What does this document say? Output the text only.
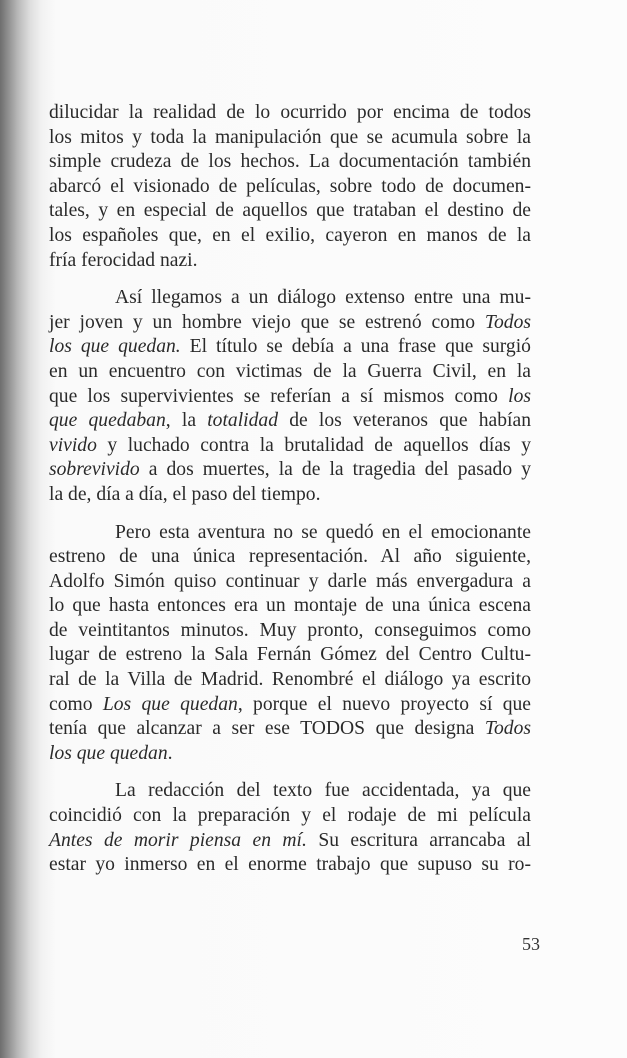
dilucidar la realidad de lo ocurrido por encima de todos
los mitos y toda la manipulación que se acumula sobre la
simple crudeza de los hechos. La documentación también
abarcó el visionado de películas, sobre todo de documen-
tales, y en especial de aquellos que trataban el destino de
los españoles que, en el exilio, cayeron en manos de la
fría ferocidad nazi.

Así llegamos a un diálogo extenso entre una mu-
jer joven y un hombre viejo que se estrenó como Todos
los que quedan. El título se debía a una frase que surgió
en un encuentro con victimas de la Guerra Civil, en la
que los supervivientes se referían a sí mismos como los
que quedaban, la totalidad de los veteranos que habían
vivido y luchado contra la brutalidad de aquellos días y
sobrevivido a dos muertes, la de la tragedia del pasado y
la de, día a día, el paso del tiempo.

Pero esta aventura no se quedó en el emocionante
estreno de una única representación. Al año siguiente,
Adolfo Simón quiso continuar y darle más envergadura a
lo que hasta entonces era un montaje de una única escena
de veintitantos minutos. Muy pronto, conseguimos como
lugar de estreno la Sala Fernán Gómez del Centro Cultu-
ral de la Villa de Madrid. Renombré el diálogo ya escrito
como Los que quedan, porque el nuevo proyecto sí que
tenía que alcanzar a ser ese TODOS que designa Todos
los que quedan.

La redacción del texto fue accidentada, ya que
coincidió con la preparación y el rodaje de mi película
Antes de morir piensa en mí. Su escritura arrancaba al
estar yo inmerso en el enorme trabajo que supuso su ro-

53
